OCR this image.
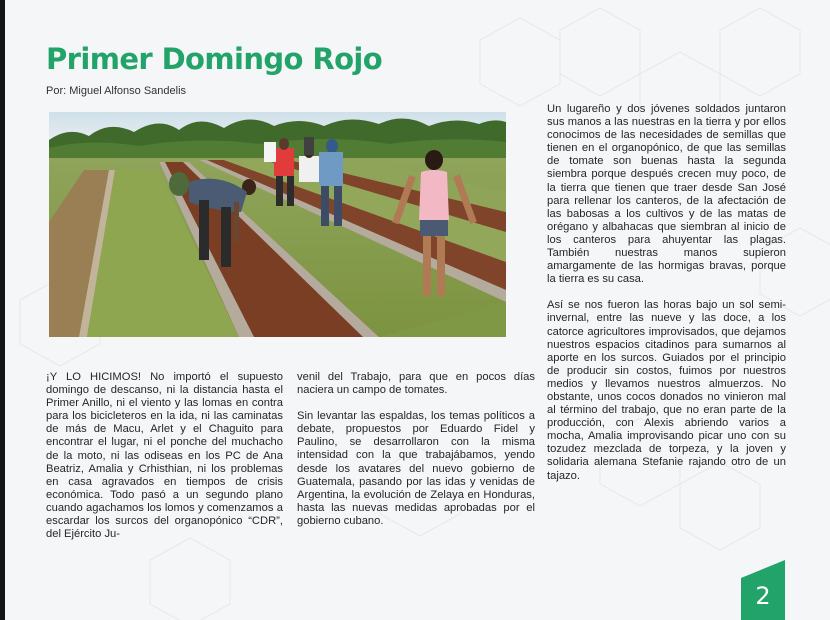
Primer Domingo Rojo
Por: Miguel Alfonso Sandelis

¡Y LO HICIMOS! No importó el supuesto domingo de descanso, ni la distancia hasta el Primer Anillo, ni el viento y las lomas en contra para los bicicleteros en la ida, ni las caminatas de más de Macu, Arlet y el Chaguito para encontrar el lugar, ni el ponche del muchacho de la moto, ni las odiseas en los PC de Ana Beatriz, Amalia y Crhisthian, ni los problemas en casa agravados en tiempos de crisis económica. Todo pasó a un segundo plano cuando agachamos los lomos y comenzamos a escardar los surcos del organopónico “CDR”, del Ejército Ju-

venil del Trabajo, para que en pocos días naciera un campo de tomates.

Sin levantar las espaldas, los temas políticos a debate, propuestos por Eduardo Fidel y Paulino, se desarrollaron con la misma intensidad con la que trabajábamos, yendo desde los avatares del nuevo gobierno de Guatemala, pasando por las idas y venidas de Argentina, la evolución de Zelaya en Honduras, hasta las nuevas medidas aprobadas por el gobierno cubano.

Un lugareño y dos jóvenes soldados juntaron sus manos a las nuestras en la tierra y por ellos conocimos de las necesidades de semillas que tienen en el organopónico, de que las semillas de tomate son buenas hasta la segunda siembra porque después crecen muy poco, de la tierra que tienen que traer desde San José para rellenar los canteros, de la afectación de las babosas a los cultivos y de las matas de orégano y albahacas que siembran al inicio de los canteros para ahuyentar las plagas. También nuestras manos supieron amargamente de las hormigas bravas, porque la tierra es su casa.

Así se nos fueron las horas bajo un sol semi-invernal, entre las nueve y las doce, a los catorce agricultores improvisados, que dejamos nuestros espacios citadinos para sumarnos al aporte en los surcos. Guiados por el principio de producir sin costos, fuimos por nuestros medios y llevamos nuestros almuerzos. No obstante, unos cocos donados no vinieron mal al término del trabajo, que no eran parte de la producción, con Alexis abriendo varios a mocha, Amalia improvisando picar uno con su tozudez mezclada de torpeza, y la joven y solidaria alemana Stefanie rajando otro de un tajazo.

2
